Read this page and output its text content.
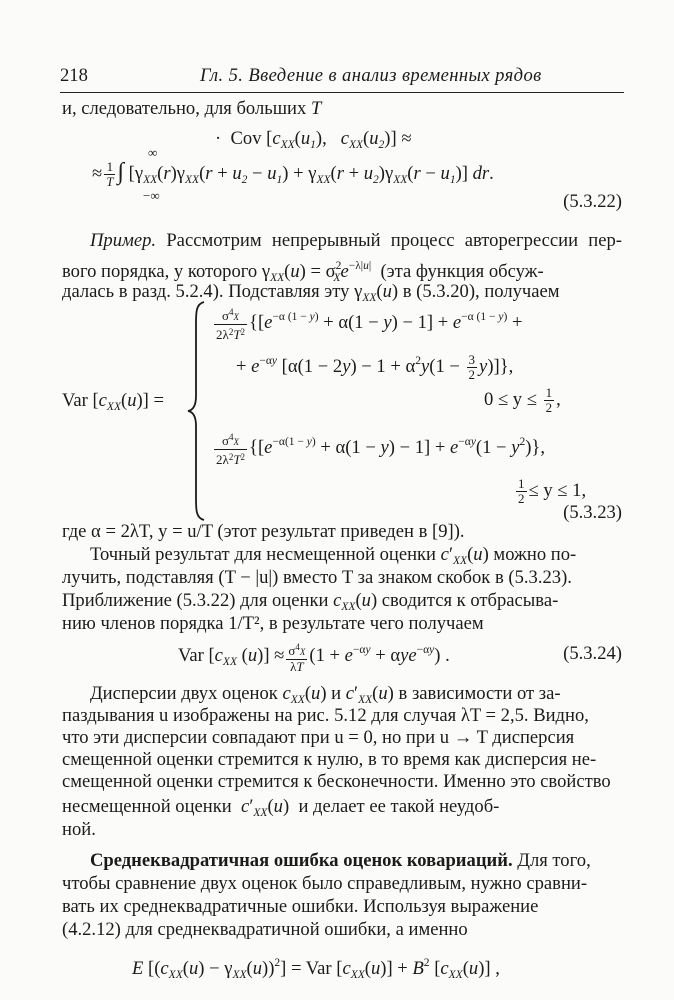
218	Гл. 5. Введение в анализ временных рядов
и, следовательно, для больших T
·  Cov [$c_{XX}(u_1)$,   $c_{XX}(u_2)$] ≈
∞
≈ $\frac{1}{T}$ ∫ $[\gamma_{XX}(r)\gamma_{XX}(r + u_2 - u_1) + \gamma_{XX}(r + u_2)\gamma_{XX}(r - u_1)]$ dr.
−∞	(5.3.22)
Пример. Рассмотрим непрерывный процесс авторегрессии пер-
вого порядка, у которого $\gamma_{XX}(u) = \sigma^2_Xe^{-\lambda|u|}$ (эта функция обсуж-
далась в разд. 5.2.4). Подставляя эту $\gamma_{XX}(u)$ в (5.3.20), получаем
Var $[c_{XX}(u)]$ =
$\frac{\sigma^4X}{2\lambda^2T^2} \{[e^{-\alpha (1 - y)} + \alpha(1 - y) - 1] + e^{-\alpha (1 - y)}$ +
+ $e^{-\alpha y}$ $[\alpha(1 - 2y) - 1 + \alpha^2y(1 - \frac{3}{2} y)]$},
$0 \le y \le \frac{1}{2}$ ,
$\frac{\sigma^4X}{2\lambda^2T^2} \{[e^{-\alpha(1 - y)} + \alpha(1 - y) - 1] + e^{-\alpha y}(1 - y^2)\}$,
$\frac{1}{2} \le y \le 1$,
(5.3.23)
где α = 2λT, y = u/T (этот результат приведен в [9]).
Точный результат для несмещенной оценки $c'_{XX}(u)$ можно по-
лучить, подставляя (T − |u|) вместо T за знаком скобок в (5.3.23).
Приближение (5.3.22) для оценки $c_{XX}(u)$ сводится к отбрасыва-
нию членов порядка 1/T², в результате чего получаем
Var [$c_{XX}$ $(u)] \approx \frac{\sigma^4X}{\lambda T} (1 + e^{-\alpha y} + \alpha ye^{-\alpha y})$ .	(5.3.24)
Дисперсии двух оценок $c_{XX}(u)$ и $c'_{XX}(u)$ в зависимости от за-
паздывания u изображены на рис. 5.12 для случая λT = 2,5. Видно,
что эти дисперсии совпадают при u = 0, но при u → T дисперсия
смещенной оценки стремится к нулю, в то время как дисперсия не-
смещенной оценки стремится к бесконечности. Именно это свойство
несмещенной оценки $c'_{XX}(u)$  и делает ее такой неудоб-
ной.
Среднеквадратичная ошибка оценок ковариаций. Для того,
чтобы сравнение двух оценок было справедливым, нужно сравни-
вать их среднеквадратичные ошибки. Используя выражение
(4.2.12) для среднеквадратичной ошибки, а именно
E $[(c_{XX}(u) - \gamma_{XX}(u))^2]$ = Var $[c_{XX}(u)] + B^2$ $[c_{XX}(u)]$ ,
